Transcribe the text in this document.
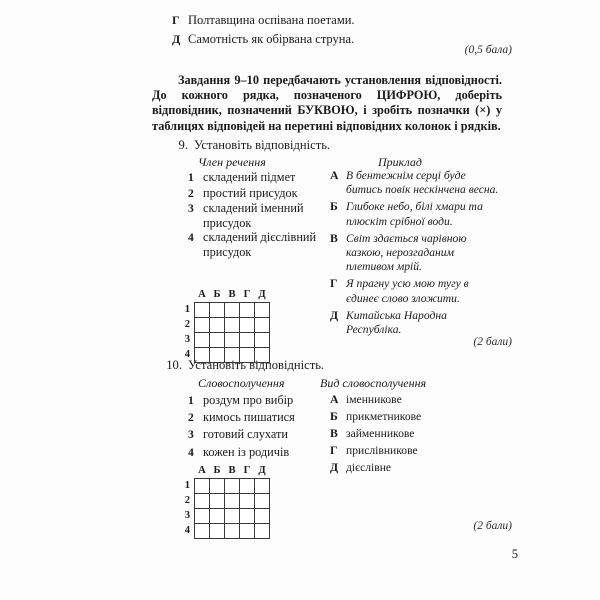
Г Полтавщина оспівана поетами.
Д Самотність як обірвана струна.
(0,5 бала)
Завдання 9–10 передбачають установлення відповідності. До кожного рядка, позначеного ЦИФРОЮ, доберіть відповідник, позначений БУКВОЮ, і зробіть позначки (×) у таблицях відповідей на перетині відповідних колонок і рядків.
9. Установіть відповідність.
Член речення	Приклад
1 складений підмет
2 простий присудок
3 складений іменний присудок
4 складений дієслівний присудок
А В бентежнім серці буде битись повік нескінчена весна.
Б Глибоке небо, білі хмари та плюскіт срібної води.
В Світ здається чарівною казкою, нерозгаданим плетивом мрій.
Г Я прагну усю мою тугу в єдинеє слово зложити.
Д Китайська Народна Республіка.
	А	Б	В	Г	Д
1					
2					
3					
4					
(2 бали)
10. Установіть відповідність.
Словосполучення	Вид словосполучення
1 роздум про вибір
2 кимось пишатися
3 готовий слухати
4 кожен із родичів
А іменникове
Б прикметникове
В займенникове
Г прислівникове
Д дієслівне
	А	Б	В	Г	Д
1					
2					
3					
4						(2 бали)
5
